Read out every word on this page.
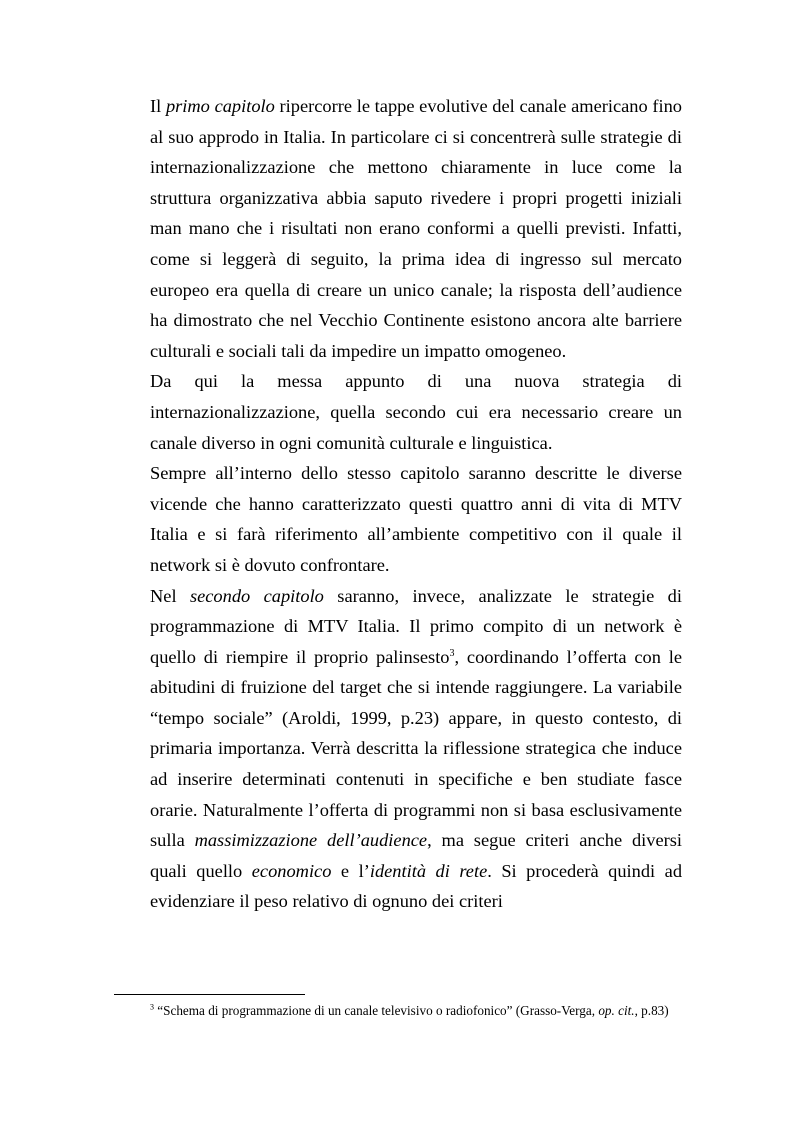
Il primo capitolo ripercorre le tappe evolutive del canale americano fino al suo approdo in Italia. In particolare ci si concentrerà sulle strategie di internazionalizzazione che mettono chiaramente in luce come la struttura organizzativa abbia saputo rivedere i propri progetti iniziali man mano che i risultati non erano conformi a quelli previsti. Infatti, come si leggerà di seguito, la prima idea di ingresso sul mercato europeo era quella di creare un unico canale; la risposta dell’audience ha dimostrato che nel Vecchio Continente esistono ancora alte barriere culturali e sociali tali da impedire un impatto omogeneo.

Da qui la messa appunto di una nuova strategia di internazionalizzazione, quella secondo cui era necessario creare un canale diverso in ogni comunità culturale e linguistica.

Sempre all’interno dello stesso capitolo saranno descritte le diverse vicende che hanno caratterizzato questi quattro anni di vita di MTV Italia e si farà riferimento all’ambiente competitivo con il quale il network si è dovuto confrontare.

Nel secondo capitolo saranno, invece, analizzate le strategie di programmazione di MTV Italia. Il primo compito di un network è quello di riempire il proprio palinsesto$^3$, coordinando l’offerta con le abitudini di fruizione del target che si intende raggiungere. La variabile “tempo sociale” (Aroldi, 1999, p.23) appare, in questo contesto, di primaria importanza. Verrà descritta la riflessione strategica che induce ad inserire determinati contenuti in specifiche e ben studiate fasce orarie. Naturalmente l’offerta di programmi non si basa esclusivamente sulla massimizzazione dell’audience, ma segue criteri anche diversi quali quello economico e l’identità di rete. Si procederà quindi ad evidenziare il peso relativo di ognuno dei criteri

$^3$ “Schema di programmazione di un canale televisivo o radiofonico” (Grasso-Verga, op. cit., p.83)
